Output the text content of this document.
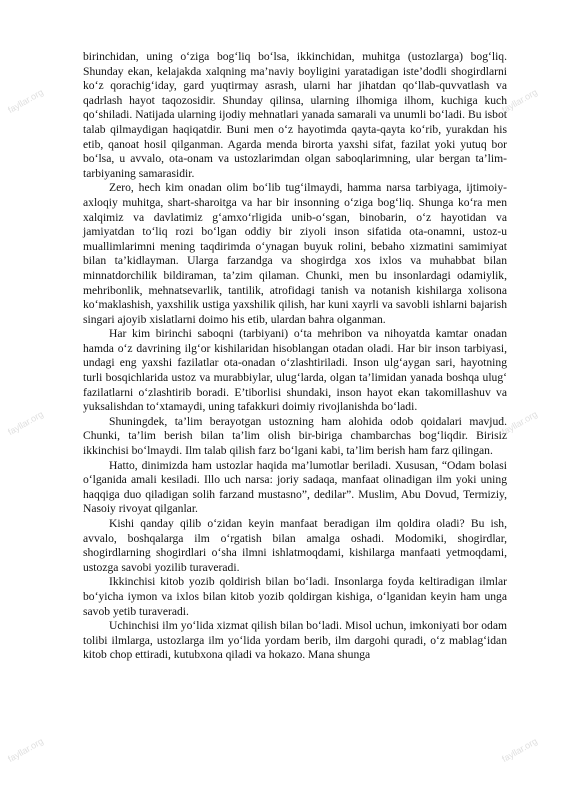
birinchidan, uning o‘ziga bog‘liq bo‘lsa, ikkinchidan, muhitga (ustozlarga) bog‘liq. Shunday ekan, kelajakda xalqning ma’naviy boyligini yaratadigan iste’dodli shogirdlarni ko‘z qorachig‘iday, gard yuqtirmay asrash, ularni har jihatdan qo‘llab-quvvatlash va qadrlash hayot taqozosidir. Shunday qilinsa, ularning ilhomiga ilhom, kuchiga kuch qo‘shiladi. Natijada ularning ijodiy mehnatlari yanada samarali va unumli bo‘ladi. Bu isbot talab qilmaydigan haqiqatdir. Buni men o‘z hayotimda qayta-qayta ko‘rib, yurakdan his etib, qanoat hosil qilganman. Agarda menda birorta yaxshi sifat, fazilat yoki yutuq bor bo‘lsa, u avvalo, ota-onam va ustozlarimdan olgan saboqlarimning, ular bergan ta’lim-tarbiyaning samarasidir.

Zero, hech kim onadan olim bo‘lib tug‘ilmaydi, hamma narsa tarbiyaga, ijtimoiy-axloqiy muhitga, shart-sharoitga va har bir insonning o‘ziga bog‘liq. Shunga ko‘ra men xalqimiz va davlatimiz g‘amxo‘rligida unib-o‘sgan, binobarin, o‘z hayotidan va jamiyatdan to‘liq rozi bo‘lgan oddiy bir ziyoli inson sifatida ota-onamni, ustoz-u muallimlarimni mening taqdirimda o‘ynagan buyuk rolini, bebaho xizmatini samimiyat bilan ta’kidlayman. Ularga farzandga va shogirdga xos ixlos va muhabbat bilan minnatdorchilik bildiraman, ta’zim qilaman. Chunki, men bu insonlardagi odamiylik, mehribonlik, mehnatsevarlik, tantilik, atrofidagi tanish va notanish kishilarga xolisona ko‘maklashish, yaxshilik ustiga yaxshilik qilish, har kuni xayrli va savobli ishlarni bajarish singari ajoyib xislatlarni doimo his etib, ulardan bahra olganman.

Har kim birinchi saboqni (tarbiyani) o‘ta mehribon va nihoyatda kamtar onadan hamda o‘z davrining ilg‘or kishilaridan hisoblangan otadan oladi. Har bir inson tarbiyasi, undagi eng yaxshi fazilatlar ota-onadan o‘zlashtiriladi. Inson ulg‘aygan sari, hayotning turli bosqichlarida ustoz va murabbiylar, ulug‘larda, olgan ta’limidan yanada boshqa ulug‘ fazilatlarni o‘zlashtirib boradi. E’tiborlisi shundaki, inson hayot ekan takomillashuv va yuksalishdan to‘xtamaydi, uning tafakkuri doimiy rivojlanishda bo‘ladi.

Shuningdek, ta’lim berayotgan ustozning ham alohida odob qoidalari mavjud. Chunki, ta’lim berish bilan ta’lim olish bir-biriga chambarchas bog‘liqdir. Birisiz ikkinchisi bo‘lmaydi. Ilm talab qilish farz bo‘lgani kabi, ta’lim berish ham farz qilingan.

Hatto, dinimizda ham ustozlar haqida ma’lumotlar beriladi. Xususan, “Odam bolasi o‘lganida amali kesiladi. Illo uch narsa: joriy sadaqa, manfaat olinadigan ilm yoki uning haqqiga duo qiladigan solih farzand mustasno”, dedilar”. Muslim, Abu Dovud, Termiziy, Nasoiy rivoyat qilganlar.

Kishi qanday qilib o‘zidan keyin manfaat beradigan ilm qoldira oladi? Bu ish, avvalo, boshqalarga ilm o‘rgatish bilan amalga oshadi. Modomiki, shogirdlar, shogirdlarning shogirdlari o‘sha ilmni ishlatmoqdami, kishilarga manfaati yetmoqdami, ustozga savobi yozilib turaveradi.

Ikkinchisi kitob yozib qoldirish bilan bo‘ladi. Insonlarga foyda keltiradigan ilmlar bo‘yicha iymon va ixlos bilan kitob yozib qoldirgan kishiga, o‘lganidan keyin ham unga savob yetib turaveradi.

Uchinchisi ilm yo‘lida xizmat qilish bilan bo‘ladi. Misol uchun, imkoniyati bor odam tolibi ilmlarga, ustozlarga ilm yo‘lida yordam berib, ilm dargohi quradi, o‘z mablag‘idan kitob chop ettiradi, kutubxona qiladi va hokazo. Mana shunga

fayllar.org	fayllar.org
fayllar.org	fayllar.org
fayllar.org	fayllar.org
